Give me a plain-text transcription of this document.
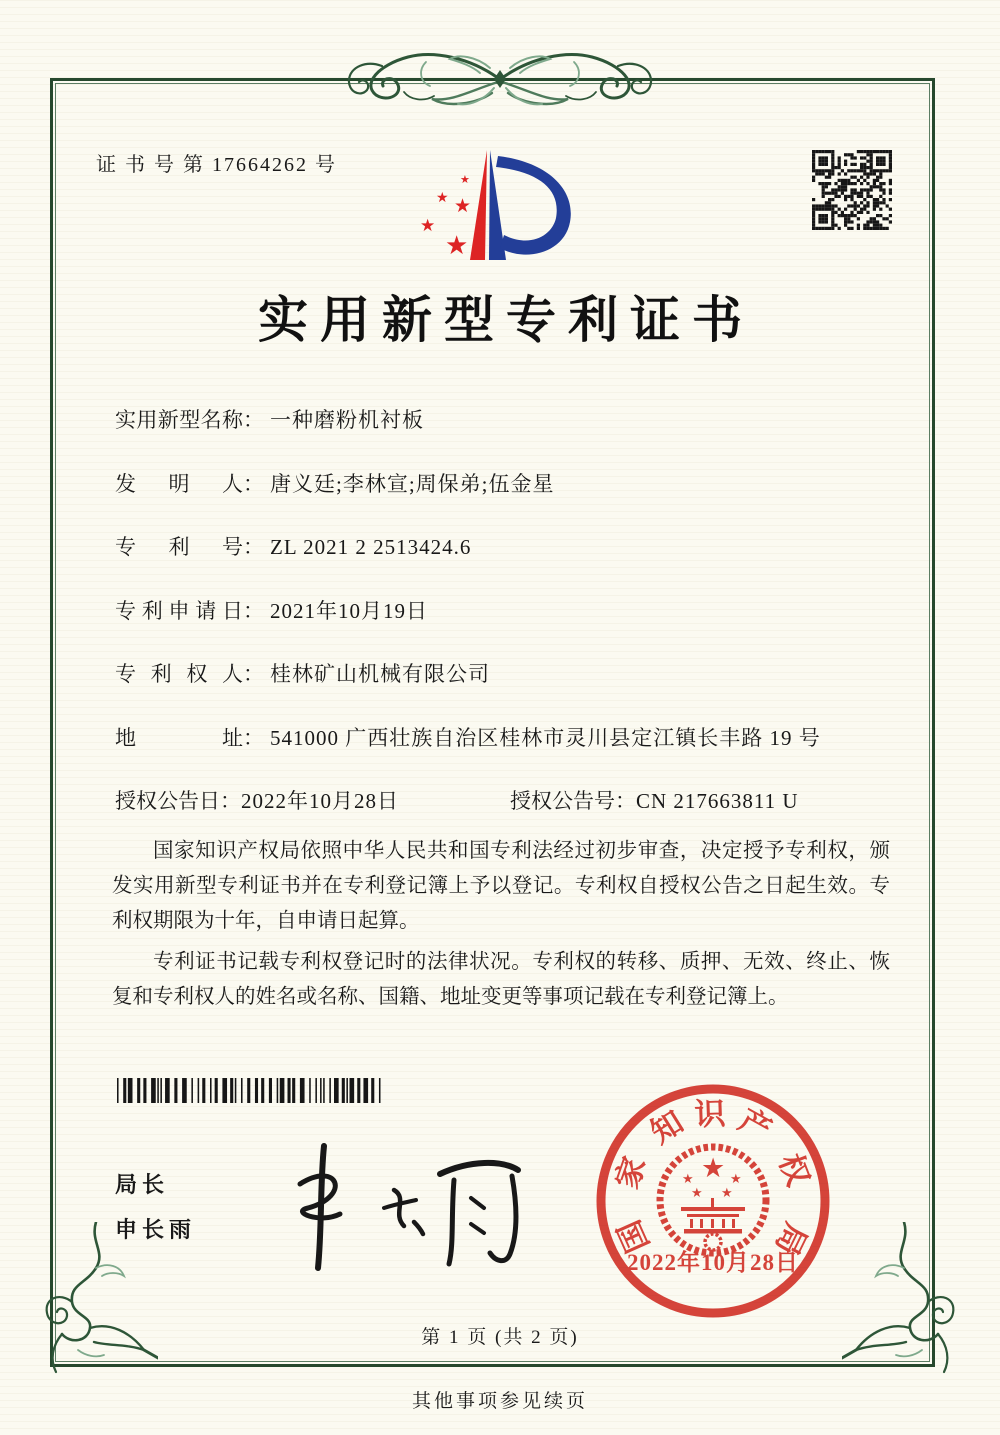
证 书 号 第 17664262 号
★
★ ★
★
★
实用新型专利证书
实用新型名称： 一种磨粉机衬板
发明人： 唐义廷;李林宣;周保弟;伍金星
专利号： ZL 2021 2 2513424.6
专利申请日： 2021年10月19日
专利权人： 桂林矿山机械有限公司
地址： 541000 广西壮族自治区桂林市灵川县定江镇长丰路 19 号
授权公告日：2022年10月28日	授权公告号：CN 217663811 U

国家知识产权局依照中华人民共和国专利法经过初步审查，决定授予专利权，颁发实用新型专利证书并在专利登记簿上予以登记。专利权自授权公告之日起生效。专利权期限为十年，自申请日起算。

专利证书记载专利权登记时的法律状况。专利权的转移、质押、无效、终止、恢复和专利权人的姓名或名称、国籍、地址变更等事项记载在专利登记簿上。

局长
申长雨	国
家
知 识 产
权
局
★
★	★
★ ★
2022年10月28日
第 1 页 (共 2 页)
其他事项参见续页
